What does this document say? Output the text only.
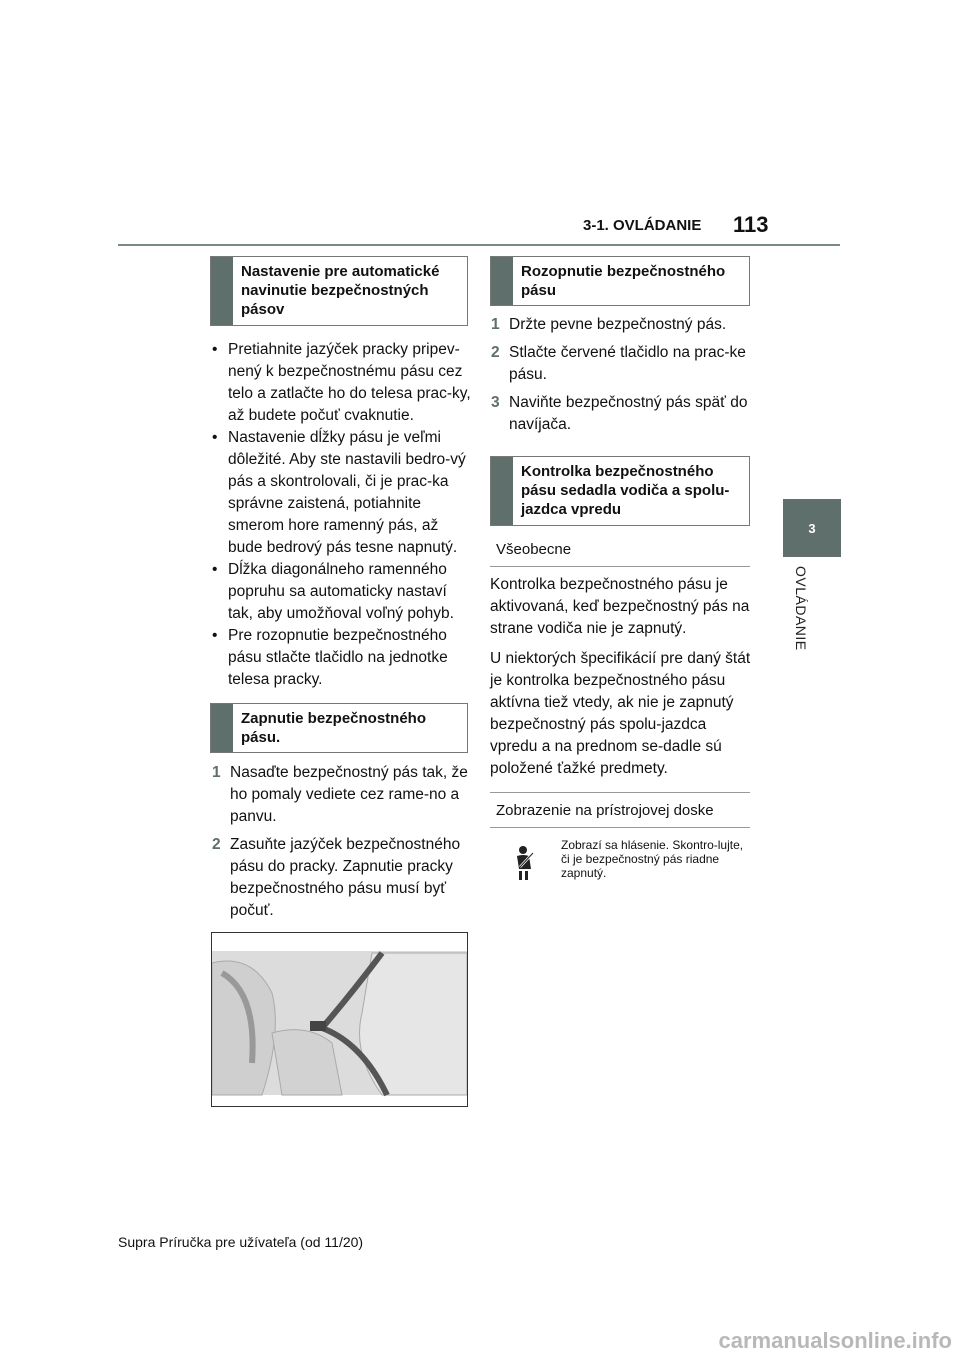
3-1. OVLÁDANIE 113
3
OVLÁDANIE
Nastavenie pre automatické navinutie bezpečnostných pásov
• Pretiahnite jazýček pracky pripev-nený k bezpečnostnému pásu cez telo a zatlačte ho do telesa prac-ky, až budete počuť cvaknutie.
• Nastavenie dĺžky pásu je veľmi dôležité. Aby ste nastavili bedro-vý pás a skontrolovali, či je prac-ka správne zaistená, potiahnite smerom hore ramenný pás, až bude bedrový pás tesne napnutý.
• Dĺžka diagonálneho ramenného popruhu sa automaticky nastaví tak, aby umožňoval voľný pohyb.
• Pre rozopnutie bezpečnostného pásu stlačte tlačidlo na jednotke telesa pracky.
Zapnutie bezpečnostného pásu.
1 Nasaďte bezpečnostný pás tak, že ho pomaly vediete cez rame-no a panvu.
2 Zasuňte jazýček bezpečnostného pásu do pracky. Zapnutie pracky bezpečnostného pásu musí byť počuť.
Rozopnutie bezpečnostného pásu
1 Držte pevne bezpečnostný pás.
2 Stlačte červené tlačidlo na prac-ke pásu.
3 Naviňte bezpečnostný pás späť do navíjača.
Kontrolka bezpečnostného pásu sedadla vodiča a spolu-jazdca vpredu
Všeobecne

Kontrolka bezpečnostného pásu je aktivovaná, keď bezpečnostný pás na strane vodiča nie je zapnutý.

U niektorých špecifikácií pre daný štát je kontrolka bezpečnostného pásu aktívna tiež vtedy, ak nie je zapnutý bezpečnostný pás spolu-jazdca vpredu a na prednom se-dadle sú položené ťažké predmety.

Zobrazenie na prístrojovej doske
Zobrazí sa hlásenie. Skontro-lujte, či je bezpečnostný pás riadne zapnutý.
Supra Príručka pre užívateľa (od 11/20)
carmanualsonline.info
